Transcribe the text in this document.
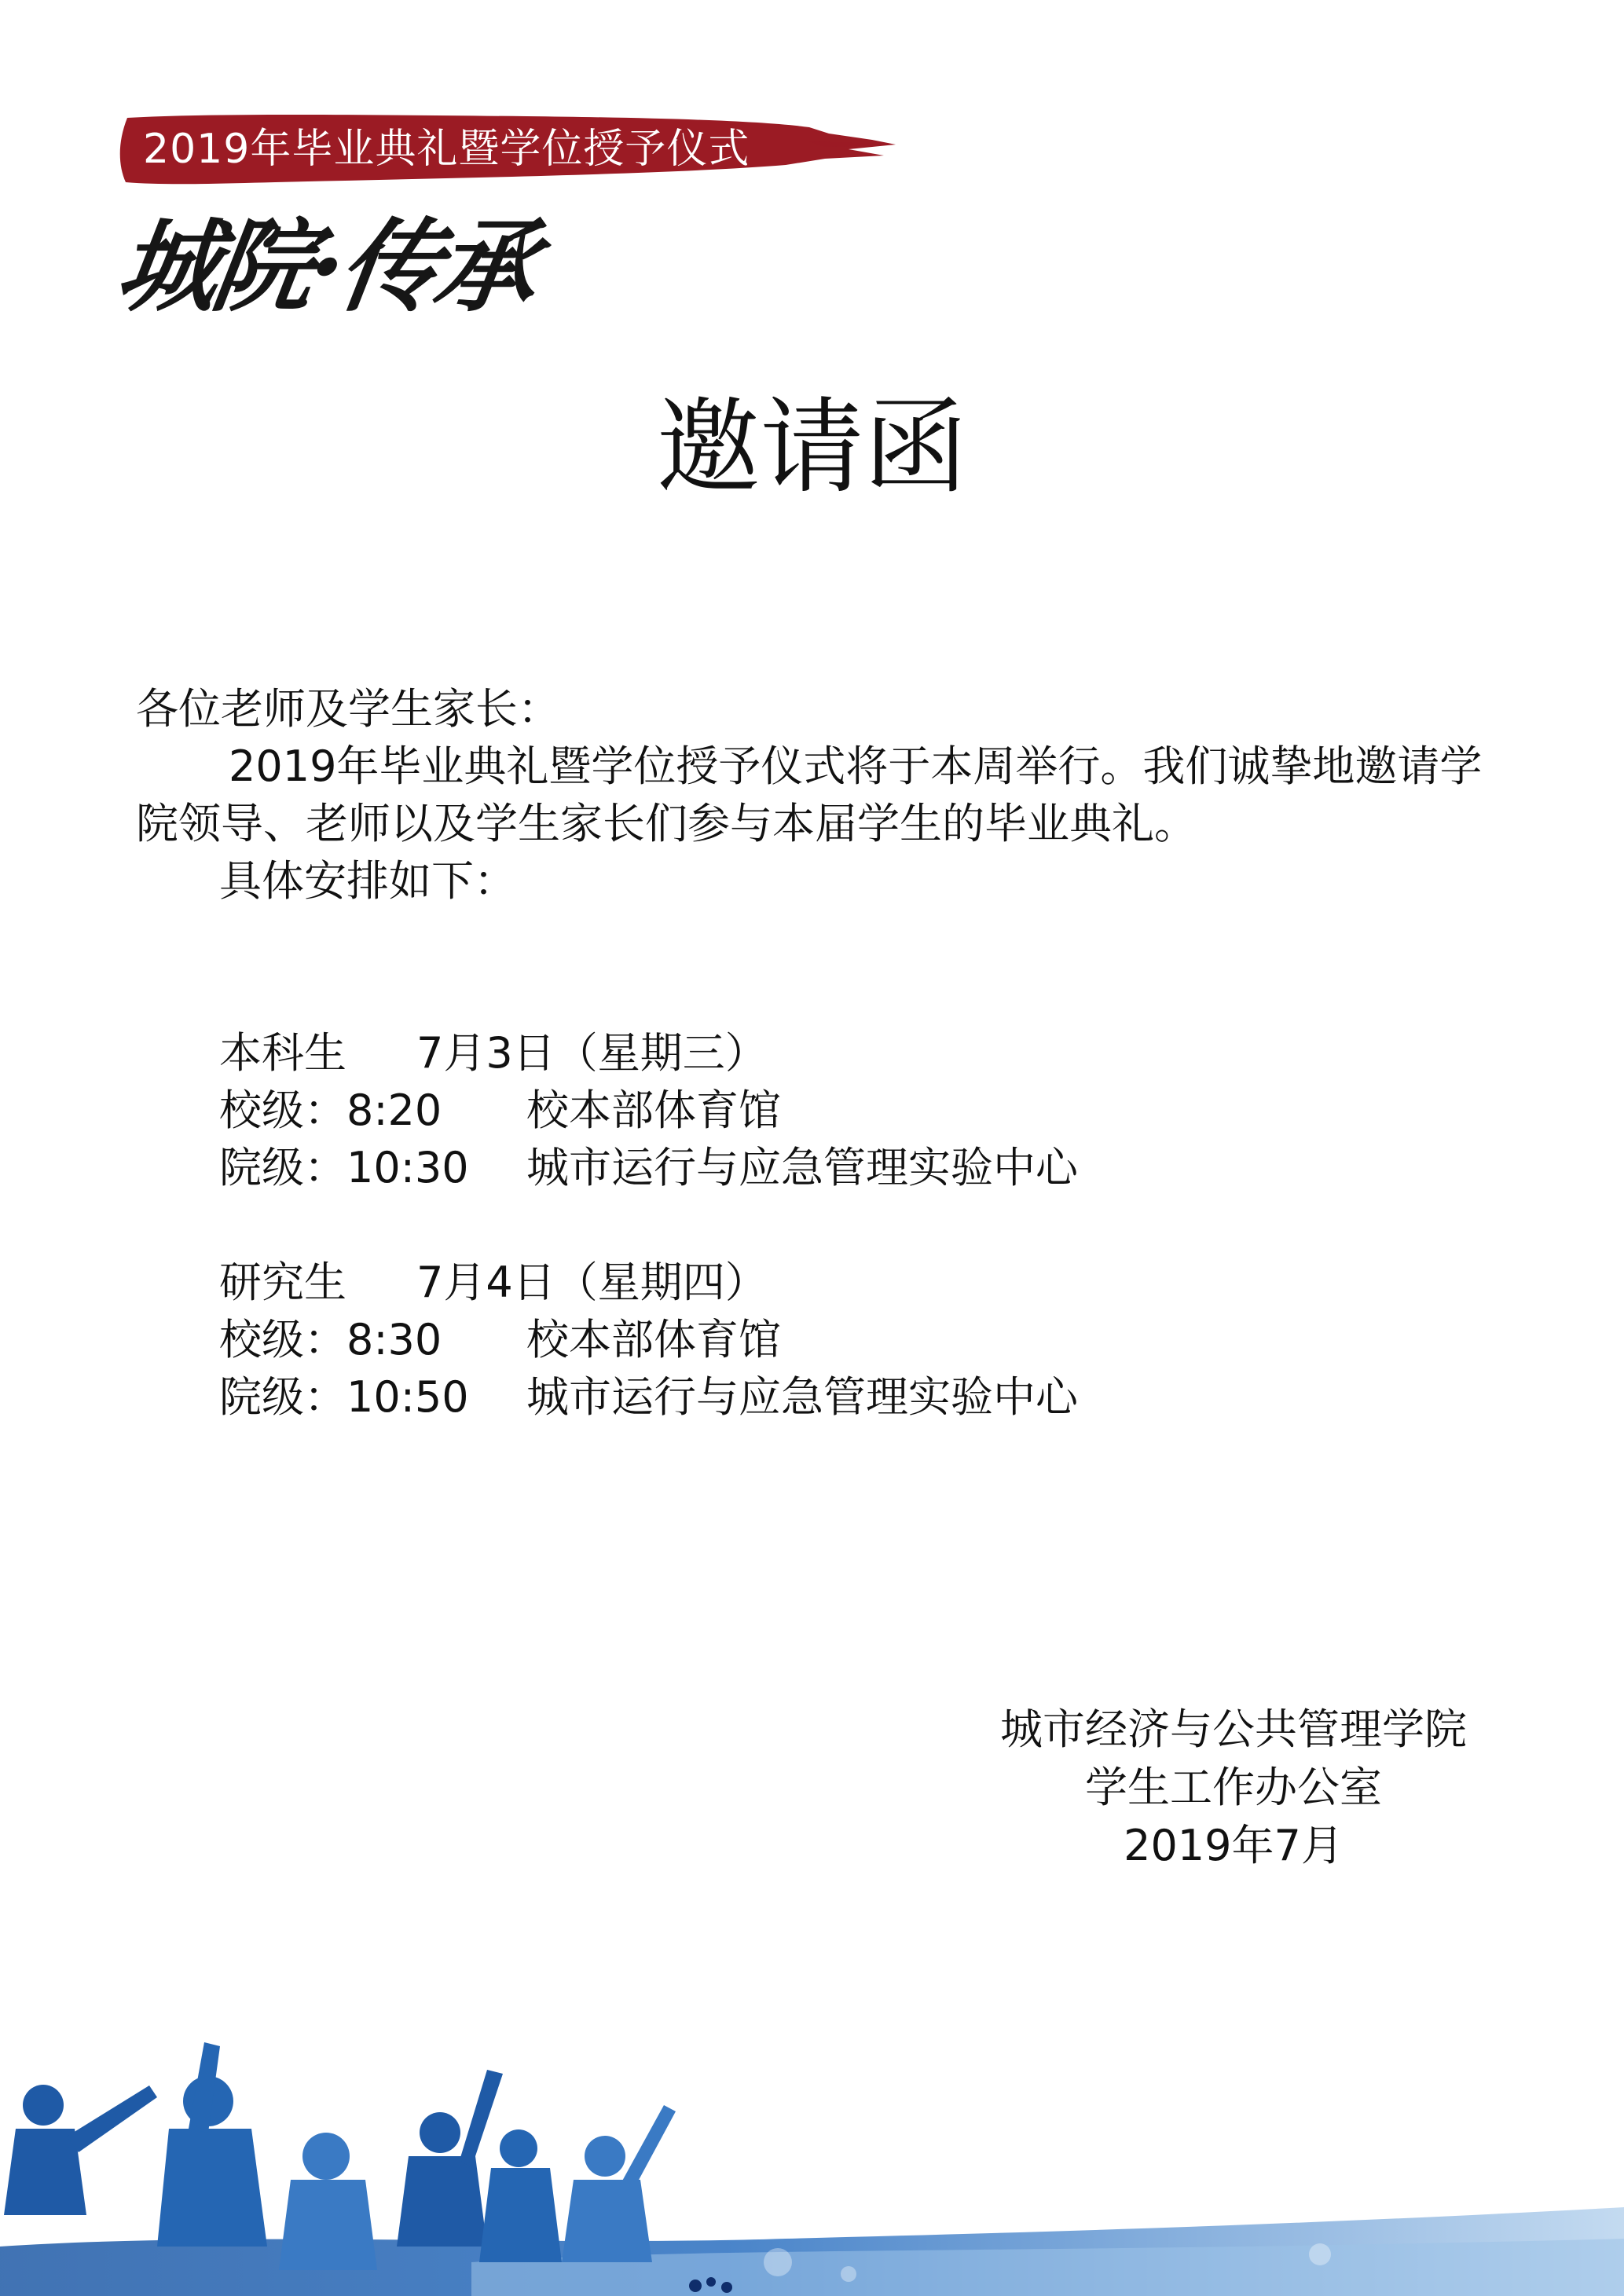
2019年毕业典礼暨学位授予仪式
城院·传承
邀请函
各位老师及学生家长：
2019年毕业典礼暨学位授予仪式将于本周举行。我们诚挚地邀请学院领导、老师以及学生家长们参与本届学生的毕业典礼。
具体安排如下：
本科生 7月3日（星期三）
校级：8:20 校本部体育馆
院级：10:30 城市运行与应急管理实验中心
研究生 7月4日（星期四）
校级：8:30 校本部体育馆
院级：10:50 城市运行与应急管理实验中心
城市经济与公共管理学院
学生工作办公室
2019年7月
